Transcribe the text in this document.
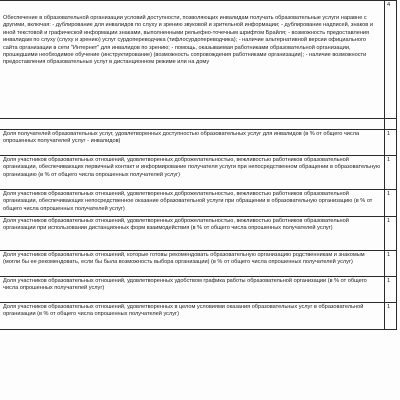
Обеспечение в образовательной организации условий доступности, позволяющих инвалидам получать образовательные услуги наравне с другими, включая: - дублирование для инвалидов по слуху и зрению звуковой и зрительной информации; - дублирование надписей, знаков и иной текстовой и графической информации знаками, выполненными рельефно-точечным шрифтом Брайля; - возможность предоставления инвалидам по слуху (слуху и зрению) услуг сурдопереводчика (тифлосурдопереводчика); - наличие альтернативной версии официального сайта организации в сети "Интернет" для инвалидов по зрению; - помощь, оказываемая работниками образовательной организации, прошедшими необходимое обучение (инструктирование) (возможность сопровождения работниками организации); - наличие возможности предоставления образовательных услуг в дистанционном режиме или на дому	4

Доля получателей образовательных услуг, удовлетворенных доступностью образовательных услуг для инвалидов (в % от общего числа опрошенных получателей услуг - инвалидов)	1
Доля участников образовательных отношений, удовлетворенных доброжелательностью, вежливостью работников образовательной организации, обеспечивающих первичный контакт и информирование получателя услуги при непосредственном обращении в образовательную организацию (в % от общего числа опрошенных получателей услуг)	1
Доля участников образовательных отношений, удовлетворенных доброжелательностью, вежливостью работников образовательной организации, обеспечивающих непосредственное оказание образовательной услуги при обращении в образовательную организацию (в % от общего числа опрошенных получателей услуг)	1
Доля участников образовательных отношений, удовлетворенных доброжелательностью, вежливостью работников образовательной организации при использовании дистанционных форм взаимодействия (в % от общего числа опрошенных получателей услуг)	1
Доля участников образовательных отношений, которые готовы рекомендовать образовательную организацию родственникам и знакомым (могли бы ее рекомендовать, если бы была возможность выбора организации) (в % от общего числа опрошенных получателей услуг)	1
Доля участников образовательных отношений, удовлетворенных удобством графика работы образовательной организации (в % от общего числа опрошенных получателей услуг)	1
Доля участников образовательных отношений, удовлетворенных в целом условиями оказания образовательных услуг в образовательной организации (в % от общего числа опрошенных получателей услуг)	1
